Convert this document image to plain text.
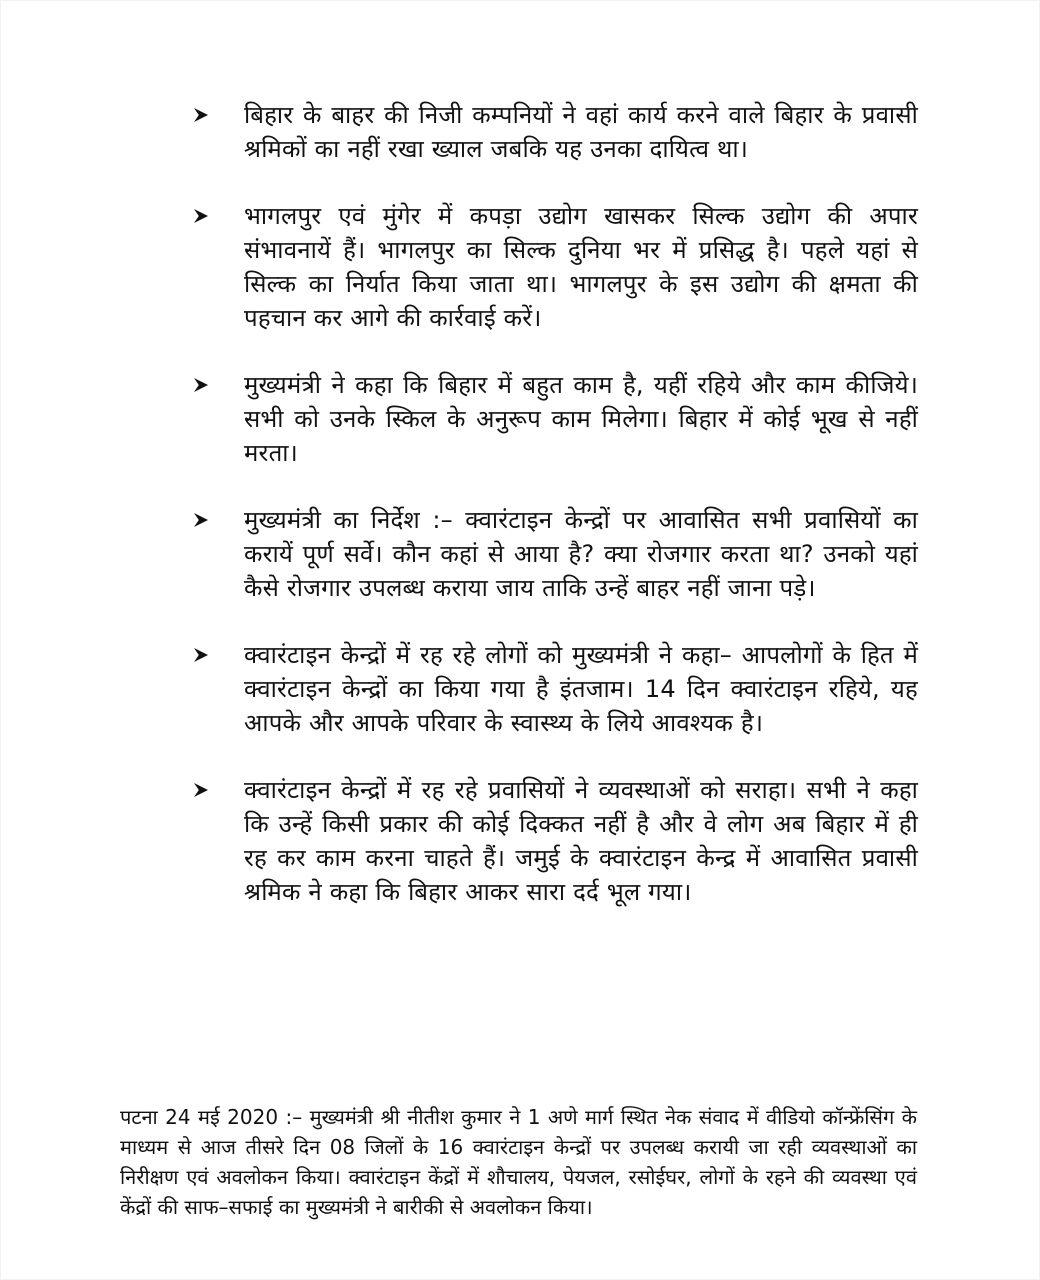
बिहार के बाहर की निजी कम्पनियों ने वहां कार्य करने वाले बिहार के प्रवासी श्रमिकों का नहीं रखा ख्याल जबकि यह उनका दायित्व था।
भागलपुर एवं मुंगेर में कपड़ा उद्योग खासकर सिल्क उद्योग की अपार संभावनायें हैं। भागलपुर का सिल्क दुनिया भर में प्रसिद्ध है। पहले यहां से सिल्क का निर्यात किया जाता था। भागलपुर के इस उद्योग की क्षमता की पहचान कर आगे की कार्रवाई करें।
मुख्यमंत्री ने कहा कि बिहार में बहुत काम है, यहीं रहिये और काम कीजिये। सभी को उनके स्किल के अनुरूप काम मिलेगा। बिहार में कोई भूख से नहीं मरता।
मुख्यमंत्री का निर्देश :– क्वारंटाइन केन्द्रों पर आवासित सभी प्रवासियों का करायें पूर्ण सर्वे। कौन कहां से आया है? क्या रोजगार करता था? उनको यहां कैसे रोजगार उपलब्ध कराया जाय ताकि उन्हें बाहर नहीं जाना पड़े।
क्वारंटाइन केन्द्रों में रह रहे लोगों को मुख्यमंत्री ने कहा– आपलोगों के हित में क्वारंटाइन केन्द्रों का किया गया है इंतजाम। 14 दिन क्वारंटाइन रहिये, यह आपके और आपके परिवार के स्वास्थ्य के लिये आवश्यक है।
क्वारंटाइन केन्द्रों में रह रहे प्रवासियों ने व्यवस्थाओं को सराहा। सभी ने कहा कि उन्हें किसी प्रकार की कोई दिक्कत नहीं है और वे लोग अब बिहार में ही रह कर काम करना चाहते हैं। जमुई के क्वारंटाइन केन्द्र में आवासित प्रवासी श्रमिक ने कहा कि बिहार आकर सारा दर्द भूल गया।
पटना 24 मई 2020 :– मुख्यमंत्री श्री नीतीश कुमार ने 1 अणे मार्ग स्थित नेक संवाद में वीडियो कॉन्फ्रेंसिंग के माध्यम से आज तीसरे दिन 08 जिलों के 16 क्वारंटाइन केन्द्रों पर उपलब्ध करायी जा रही व्यवस्थाओं का निरीक्षण एवं अवलोकन किया। क्वारंटाइन केंद्रों में शौचालय, पेयजल, रसोईघर, लोगों के रहने की व्यवस्था एवं केंद्रों की साफ–सफाई का मुख्यमंत्री ने बारीकी से अवलोकन किया।
